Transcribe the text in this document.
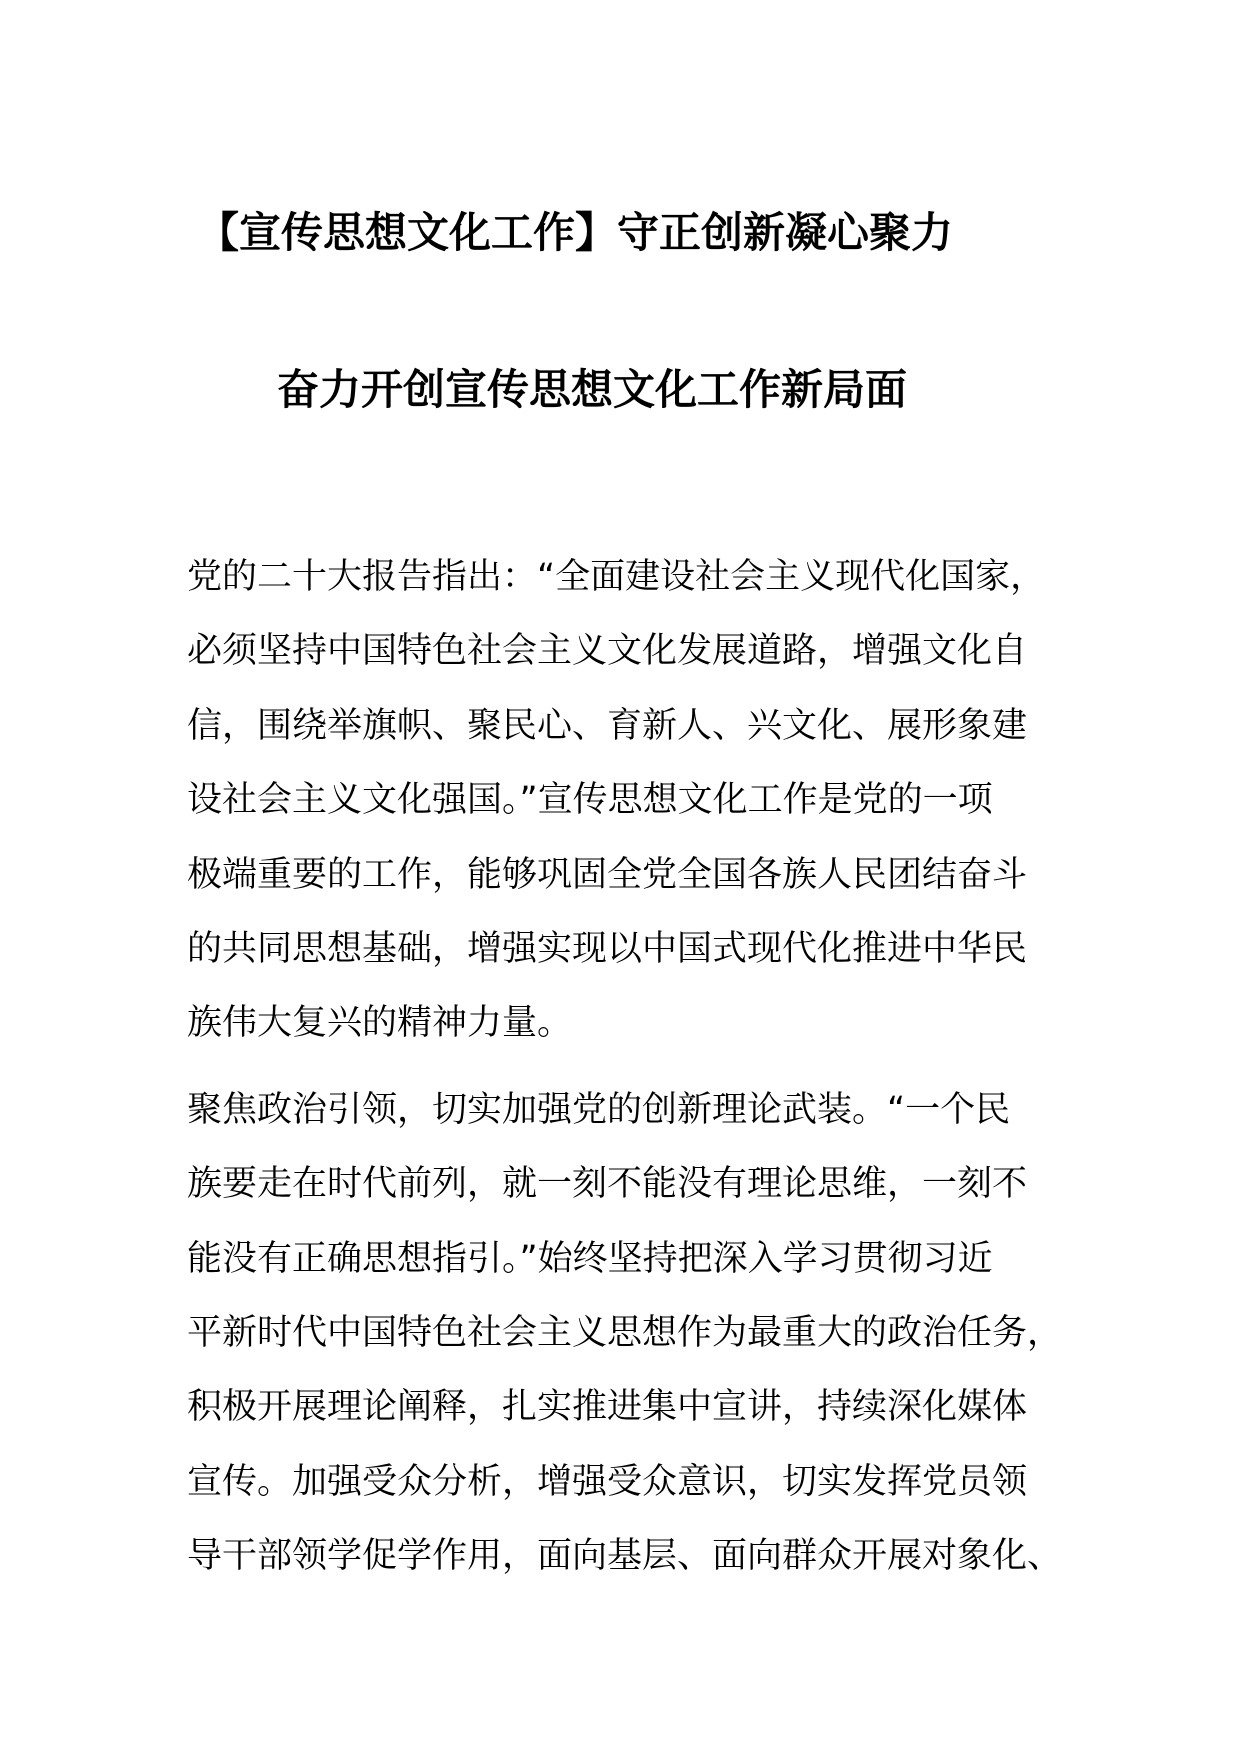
【宣传思想文化工作】守正创新凝心聚力
奋力开创宣传思想文化工作新局面

党的二十大报告指出：“全面建设社会主义现代化国家，
必须坚持中国特色社会主义文化发展道路，增强文化自
信，围绕举旗帜、聚民心、育新人、兴文化、展形象建
设社会主义文化强国。”宣传思想文化工作是党的一项
极端重要的工作，能够巩固全党全国各族人民团结奋斗
的共同思想基础，增强实现以中国式现代化推进中华民
族伟大复兴的精神力量。

聚焦政治引领，切实加强党的创新理论武装。“一个民
族要走在时代前列，就一刻不能没有理论思维，一刻不
能没有正确思想指引。”始终坚持把深入学习贯彻习近
平新时代中国特色社会主义思想作为最重大的政治任务，
积极开展理论阐释，扎实推进集中宣讲，持续深化媒体
宣传。加强受众分析，增强受众意识，切实发挥党员领
导干部领学促学作用，面向基层、面向群众开展对象化、
